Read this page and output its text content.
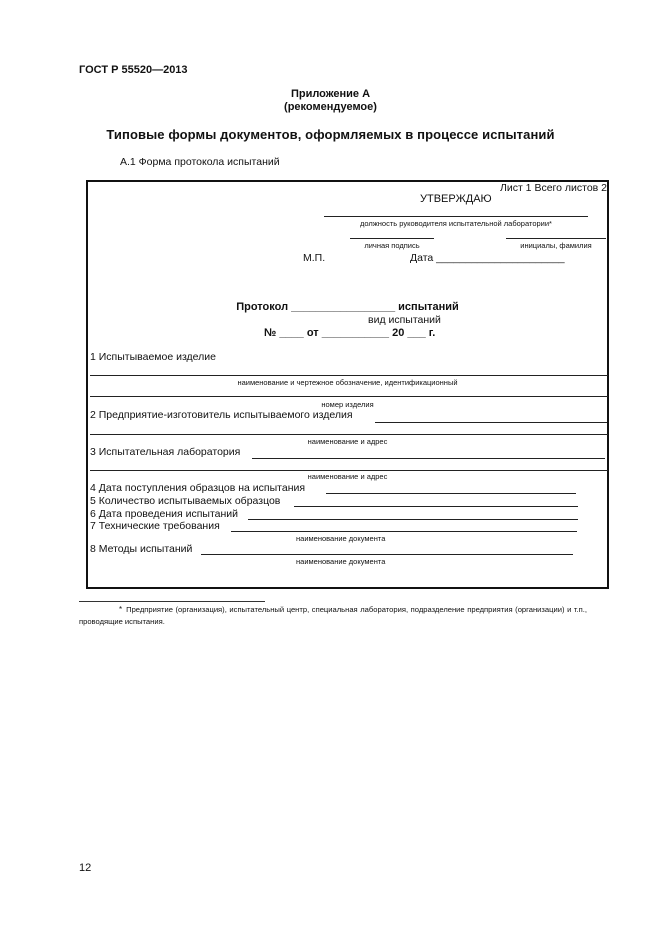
ГОСТ Р 55520—2013
Приложение А
(рекомендуемое)
Типовые формы документов, оформляемых в процессе испытаний
А.1 Форма протокола испытаний
Лист 1 Всего листов 2
УТВЕРЖДАЮ
должность руководителя испытательной лаборатории*
личная подпись	инициалы, фамилия
М.П.	Дата ______________________
Протокол _________________ испытаний
вид испытаний
№ ____ от ___________ 20 ___ г.
1 Испытываемое изделие
наименование и чертежное обозначение, идентификационный
номер изделия
2 Предприятие-изготовитель испытываемого изделия
наименование и адрес
3 Испытательная лаборатория
наименование и адрес
4 Дата поступления образцов на испытания
5 Количество испытываемых образцов
6 Дата проведения испытаний
7 Технические требования
наименование документа
8 Методы испытаний
наименование документа
* Предприятие (организация), испытательный центр, специальная лаборатория, подразделение предприятия (организации) и т.п., проводящие испытания.
12
